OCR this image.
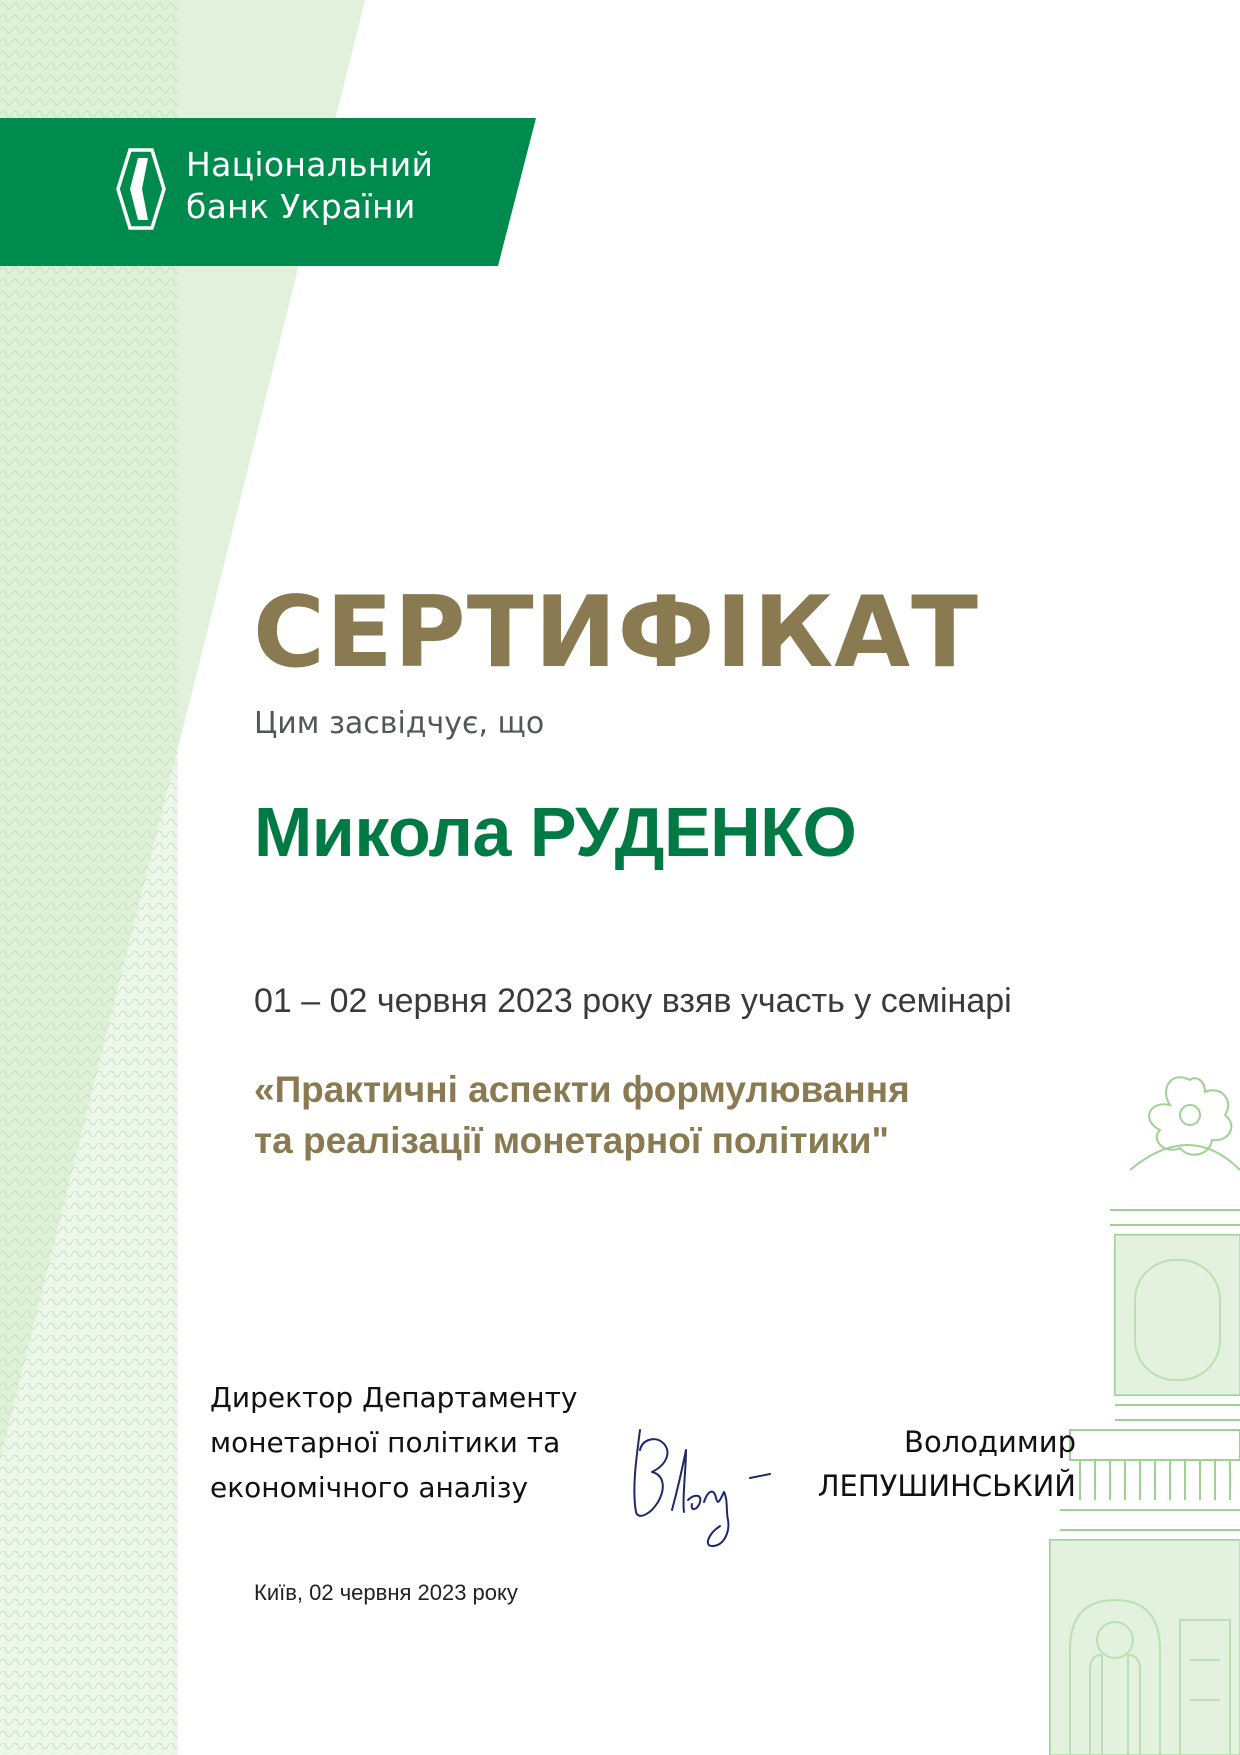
Національний
банк України
СЕРТИФІКАТ
Цим засвідчує, що
Микола РУДЕНКО
01 – 02 червня 2023 року взяв участь у семінарі
«Практичні аспекти формулювання
та реалізації монетарної політики"
Директор Департаменту
монетарної політики та
економічного аналізу
Володимир
ЛЕПУШИНСЬКИЙ
Київ, 02 червня 2023 року
